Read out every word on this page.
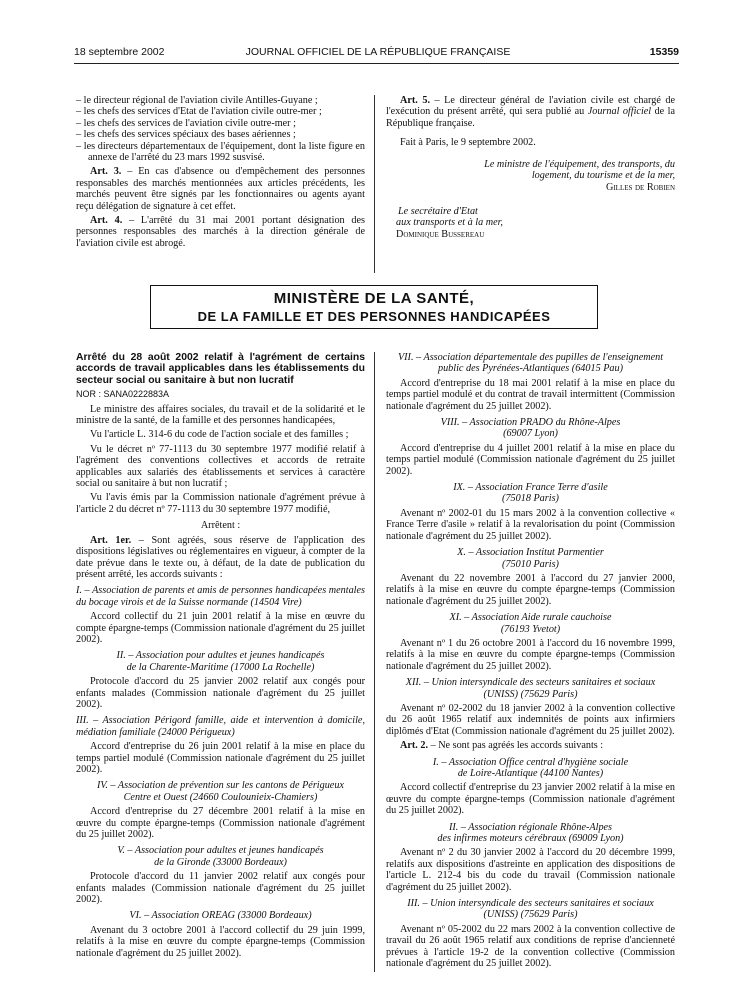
18 septembre 2002	JOURNAL OFFICIEL DE LA RÉPUBLIQUE FRANÇAISE	15359

– le directeur régional de l'aviation civile Antilles-Guyane ;

– les chefs des services d'Etat de l'aviation civile outre-mer ;

– les chefs des services de l'aviation civile outre-mer ;

– les chefs des services spéciaux des bases aériennes ;

– les directeurs départementaux de l'équipement, dont la liste figure en annexe de l'arrêté du 23 mars 1992 susvisé.

Art. 3. – En cas d'absence ou d'empêchement des personnes responsables des marchés mentionnées aux articles précédents, les marchés peuvent être signés par les fonctionnaires ou agents ayant reçu délégation de signature à cet effet.

Art. 4. – L'arrêté du 31 mai 2001 portant désignation des personnes responsables des marchés à la direction générale de l'aviation civile est abrogé.

Art. 5. – Le directeur général de l'aviation civile est chargé de l'exécution du présent arrêté, qui sera publié au Journal officiel de la République française.

Fait à Paris, le 9 septembre 2002.

Le ministre de l'équipement, des transports, du logement, du tourisme et de la mer,

Gilles de Robien

Le secrétaire d'Etat

aux transports et à la mer,

Dominique Bussereau

MINISTÈRE DE LA SANTÉ,
DE LA FAMILLE ET DES PERSONNES HANDICAPÉES

Arrêté du 28 août 2002 relatif à l'agrément de certains accords de travail applicables dans les établissements du secteur social ou sanitaire à but non lucratif

NOR : SANA0222883A

Le ministre des affaires sociales, du travail et de la solidarité et le ministre de la santé, de la famille et des personnes handicapées,

Vu l'article L. 314-6 du code de l'action sociale et des familles ;

Vu le décret nº 77-1113 du 30 septembre 1977 modifié relatif à l'agrément des conventions collectives et accords de retraite applicables aux salariés des établissements et services à caractère social ou sanitaire à but non lucratif ;

Vu l'avis émis par la Commission nationale d'agrément prévue à l'article 2 du décret nº 77-1113 du 30 septembre 1977 modifié,

Arrêtent :

Art. 1er. – Sont agréés, sous réserve de l'application des dispositions législatives ou réglementaires en vigueur, à compter de la date prévue dans le texte ou, à défaut, de la date de publication du présent arrêté, les accords suivants :

I. – Association de parents et amis de personnes handicapées mentales du bocage virois et de la Suisse normande (14504 Vire)

Accord collectif du 21 juin 2001 relatif à la mise en œuvre du compte épargne-temps (Commission nationale d'agrément du 25 juillet 2002).

II. – Association pour adultes et jeunes handicapés

de la Charente-Maritime (17000 La Rochelle)

Protocole d'accord du 25 janvier 2002 relatif aux congés pour enfants malades (Commission nationale d'agrément du 25 juillet 2002).

III. – Association Périgord famille, aide et intervention à domicile, médiation familiale (24000 Périgueux)

Accord d'entreprise du 26 juin 2001 relatif à la mise en place du temps partiel modulé (Commission nationale d'agrément du 25 juillet 2002).

IV. – Association de prévention sur les cantons de Périgueux

Centre et Ouest (24660 Coulounieix-Chamiers)

Accord d'entreprise du 27 décembre 2001 relatif à la mise en œuvre du compte épargne-temps (Commission nationale d'agrément du 25 juillet 2002).

V. – Association pour adultes et jeunes handicapés

de la Gironde (33000 Bordeaux)

Protocole d'accord du 11 janvier 2002 relatif aux congés pour enfants malades (Commission nationale d'agrément du 25 juillet 2002).

VI. – Association OREAG (33000 Bordeaux)

Avenant du 3 octobre 2001 à l'accord collectif du 29 juin 1999, relatifs à la mise en œuvre du compte épargne-temps (Commission nationale d'agrément du 25 juillet 2002).

VII. – Association départementale des pupilles de l'enseignement

public des Pyrénées-Atlantiques (64015 Pau)

Accord d'entreprise du 18 mai 2001 relatif à la mise en place du temps partiel modulé et du contrat de travail intermittent (Commission nationale d'agrément du 25 juillet 2002).

VIII. – Association PRADO du Rhône-Alpes

(69007 Lyon)

Accord d'entreprise du 4 juillet 2001 relatif à la mise en place du temps partiel modulé (Commission nationale d'agrément du 25 juillet 2002).

IX. – Association France Terre d'asile

(75018 Paris)

Avenant nº 2002-01 du 15 mars 2002 à la convention collective « France Terre d'asile » relatif à la revalorisation du point (Commission nationale d'agrément du 25 juillet 2002).

X. – Association Institut Parmentier

(75010 Paris)

Avenant du 22 novembre 2001 à l'accord du 27 janvier 2000, relatifs à la mise en œuvre du compte épargne-temps (Commission nationale d'agrément du 25 juillet 2002).

XI. – Association Aide rurale cauchoise

(76193 Yvetot)

Avenant nº 1 du 26 octobre 2001 à l'accord du 16 novembre 1999, relatifs à la mise en œuvre du compte épargne-temps (Commission nationale d'agrément du 25 juillet 2002).

XII. – Union intersyndicale des secteurs sanitaires et sociaux

(UNISS) (75629 Paris)

Avenant nº 02-2002 du 18 janvier 2002 à la convention collective du 26 août 1965 relatif aux indemnités de points aux infirmiers diplômés d'Etat (Commission nationale d'agrément du 25 juillet 2002).

Art. 2. – Ne sont pas agréés les accords suivants :

I. – Association Office central d'hygiène sociale

de Loire-Atlantique (44100 Nantes)

Accord collectif d'entreprise du 23 janvier 2002 relatif à la mise en œuvre du compte épargne-temps (Commission nationale d'agrément du 25 juillet 2002).

II. – Association régionale Rhône-Alpes

des infirmes moteurs cérébraux (69009 Lyon)

Avenant nº 2 du 30 janvier 2002 à l'accord du 20 décembre 1999, relatifs aux dispositions d'astreinte en application des dispositions de l'article L. 212-4 bis du code du travail (Commission nationale d'agrément du 25 juillet 2002).

III. – Union intersyndicale des secteurs sanitaires et sociaux

(UNISS) (75629 Paris)

Avenant nº 05-2002 du 22 mars 2002 à la convention collective de travail du 26 août 1965 relatif aux conditions de reprise d'ancienneté prévues à l'article 19-2 de la convention collective (Commission nationale d'agrément du 25 juillet 2002).
